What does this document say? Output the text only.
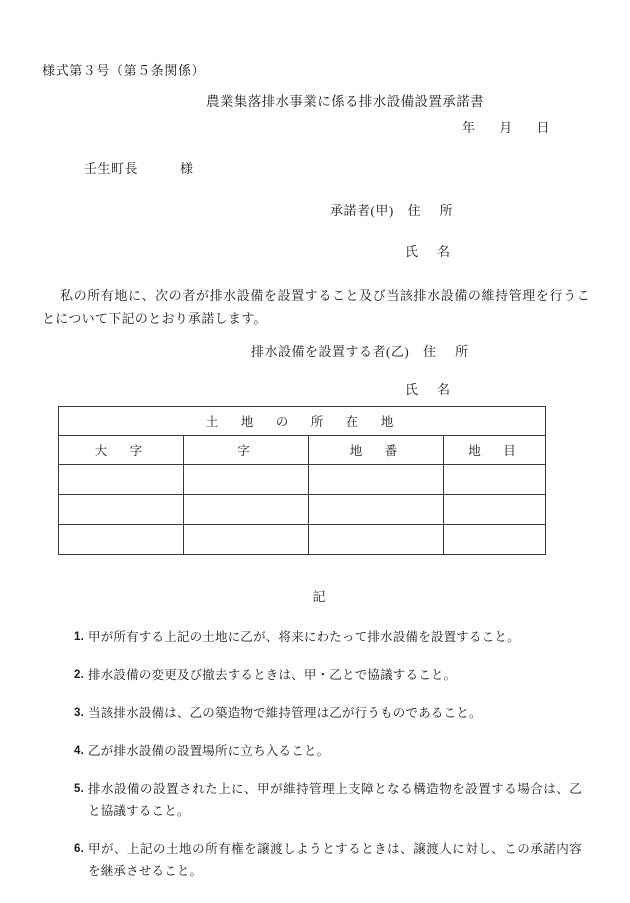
様式第３号（第５条関係）
農業集落排水事業に係る排水設備設置承諾書
年 月 日
壬生町長	様
承諾者(甲) 住　所
氏　名
私の所有地に、次の者が排水設備を設置すること及び当該排水設備の維持管理を行うことについて下記のとおり承諾します。
排水設備を設置する者(乙) 住　所
氏　名
土　地　の　所　在　地			
大　字	字	地　番	地　目

記
1. 甲が所有する上記の土地に乙が、将来にわたって排水設備を設置すること。
2. 排水設備の変更及び撤去するときは、甲・乙とで協議すること。
3. 当該排水設備は、乙の築造物で維持管理は乙が行うものであること。
4. 乙が排水設備の設置場所に立ち入ること。
5. 排水設備の設置された上に、甲が維持管理上支障となる構造物を設置する場合は、乙と協議すること。
6. 甲が、上記の土地の所有権を譲渡しようとするときは、譲渡人に対し、この承諾内容を継承させること。
